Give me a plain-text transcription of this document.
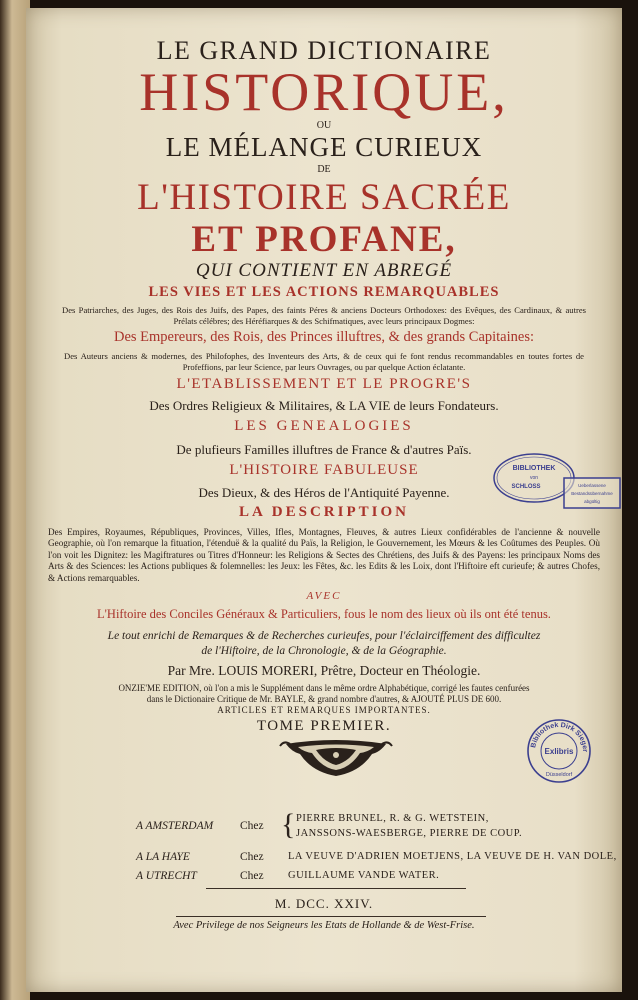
LE GRAND DICTIONAIRE
HISTORIQUE,
OU
LE MÉLANGE CURIEUX
DE
L'HISTOIRE SACRÉE
ET PROFANE,
QUI CONTIENT EN ABREGÉ
LES VIES ET LES ACTIONS REMARQUABLES
Des Patriarches, des Juges, des Rois des Juifs, des Papes, des faints Péres & anciens Docteurs Orthodoxes: des Evêques, des Cardinaux, & autres Prélats célébres; des Héréfiarques & des Schifmatiques, avec leurs principaux Dogmes:
Des Empereurs, des Rois, des Princes illuftres, & des grands Capitaines:
Des Auteurs anciens & modernes, des Philofophes, des Inventeurs des Arts, & de ceux qui fe font rendus recommandables en toutes fortes de Profeffions, par leur Science, par leurs Ouvrages, ou par quelque Action éclatante.
L'ETABLISSEMENT ET LE PROGRE'S
Des Ordres Religieux & Militaires, & LA VIE de leurs Fondateurs.
LES GENEALOGIES
De plufieurs Familles illuftres de France & d'autres Païs.
L'HISTOIRE FABULEUSE
Des Dieux, & des Héros de l'Antiquité Payenne.
LA DESCRIPTION
Des Empires, Royaumes, Républiques, Provinces, Villes, Ifles, Montagnes, Fleuves, & autres Lieux confidérables de l'ancienne & nouvelle Geographie, où l'on remarque la fituation, l'étenduë & la qualité du Païs, la Religion, le Gouvernement, les Mœurs & les Coûtumes des Peuples. Où l'on voit les Dignitez: les Magiftratures ou Titres d'Honneur: les Religions & Sectes des Chrétiens, des Juifs & des Payens: les principaux Noms des Arts & des Sciences: les Actions publiques & folemnelles: les Jeux: les Fêtes, &c. les Edits & les Loix, dont l'Hiftoire eft curieufe; & autres Chofes, & Actions remarquables.
AVEC
L'Hiftoire des Conciles Généraux & Particuliers, fous le nom des lieux où ils ont été tenus.
Le tout enrichi de Remarques & de Recherches curieufes, pour l'éclairciffement des difficultez
de l'Hiftoire, de la Chronologie, & de la Géographie.
Par Mre. LOUIS MORERI, Prêtre, Docteur en Théologie.
ONZIE'ME EDITION, où l'on a mis le Supplément dans le même ordre Alphabétique, corrigé les fautes cenfurées
dans le Dictionaire Critique de Mr. BAYLE, & grand nombre d'autres, & AJOUTÉ PLUS DE 600.
ARTICLES ET REMARQUES IMPORTANTES.
TOME PREMIER.
A AMSTERDAM Chez { PIERRE BRUNEL, R. & G. WETSTEIN,
JANSSONS-WAESBERGE, PIERRE DE COUP.
A LA HAYE	Chez LA VEUVE D'ADRIEN MOETJENS, LA VEUVE DE H. VAN DOLE,
A UTRECHT	Chez GUILLAUME VANDE WATER.
M. DCC. XXIV.
Avec Privilege de nos Seigneurs les Etats de Hollande & de West-Frise.
BIBLIOTHEK
von
SCHLOSS	Ueberlassene
Bestandsübernahme
abgültig
Bibliothek Dirk Sieger
Exlibris
Düsseldorf
